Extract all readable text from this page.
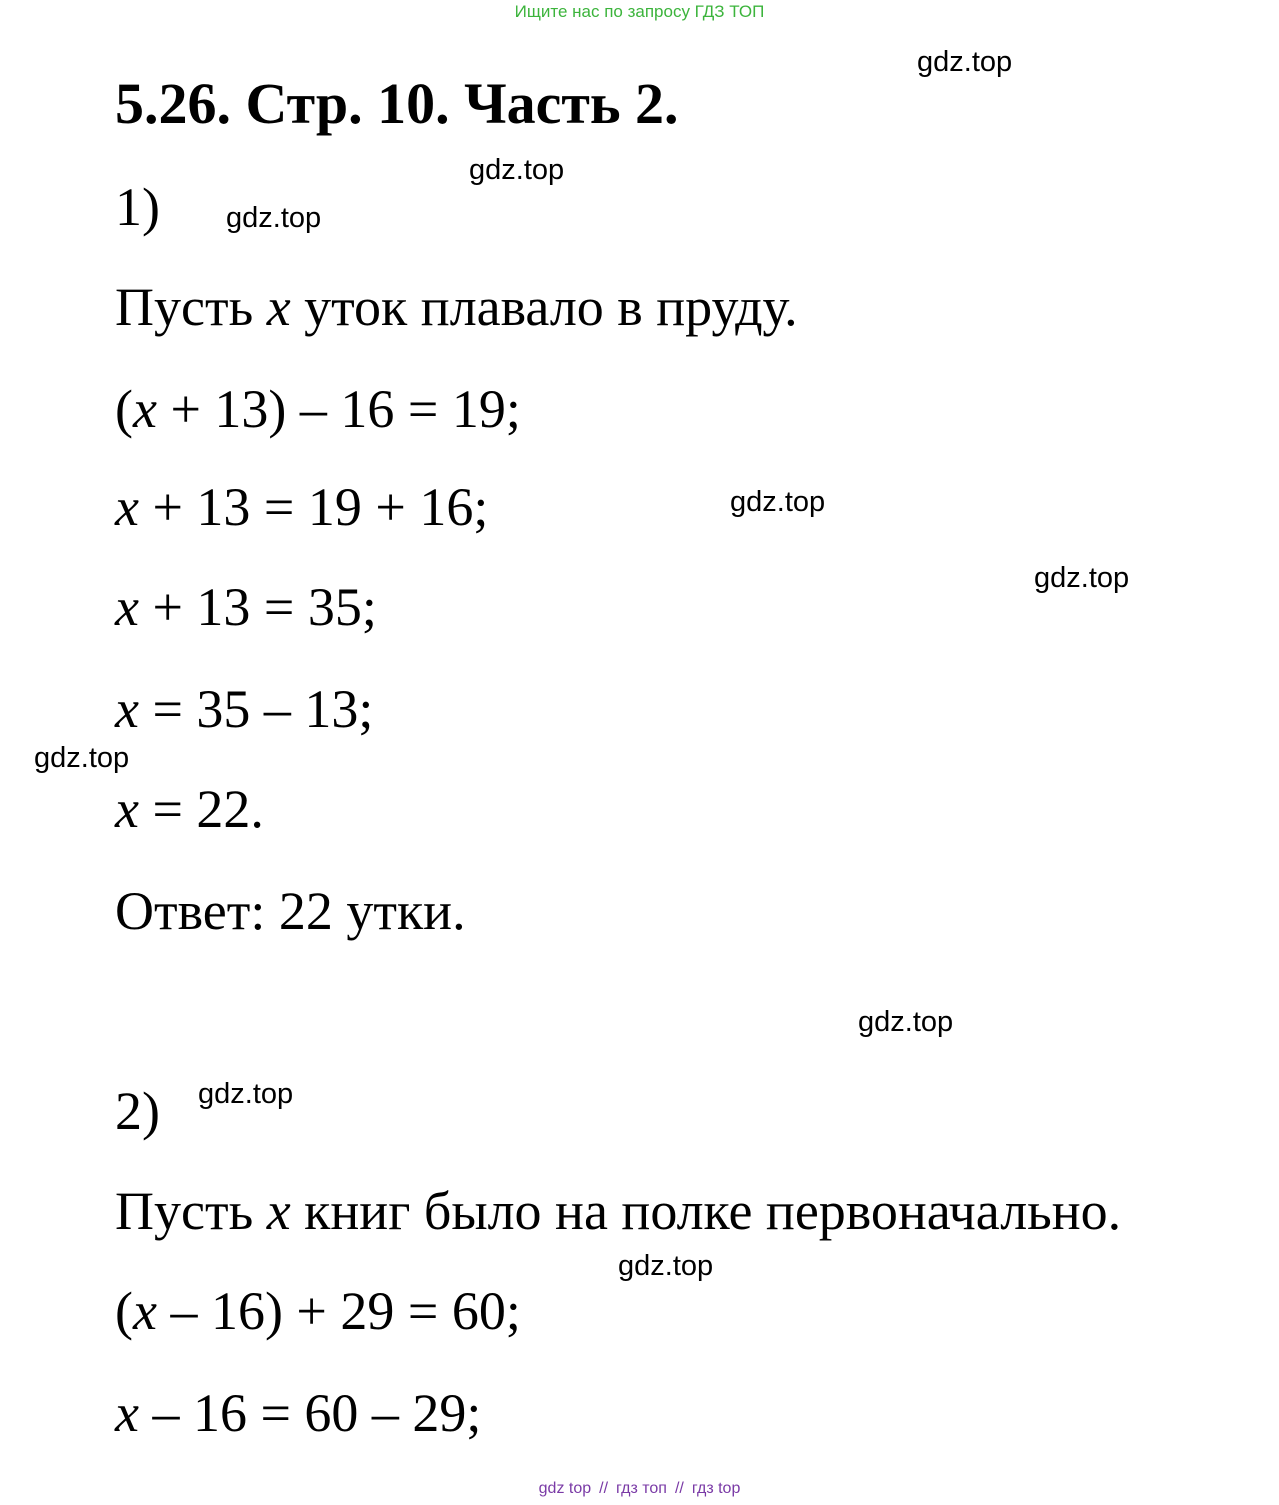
Ищите нас по запросу ГДЗ ТОП
5.26. Стр. 10. Часть 2.
1)
Пусть x уток плавало в пруду.
(x + 13) – 16 = 19;
x + 13 = 19 + 16;
x + 13 = 35;
x = 35 – 13;
x = 22.
Ответ: 22 утки.
2)
Пусть x книг было на полке первоначально.
(x – 16) + 29 = 60;
x – 16 = 60 – 29;
gdz.top
gdz.top
gdz.top
gdz.top
gdz.top
gdz.top
gdz.top
gdz.top
gdz.top
gdz top // гдз топ // гдз top
